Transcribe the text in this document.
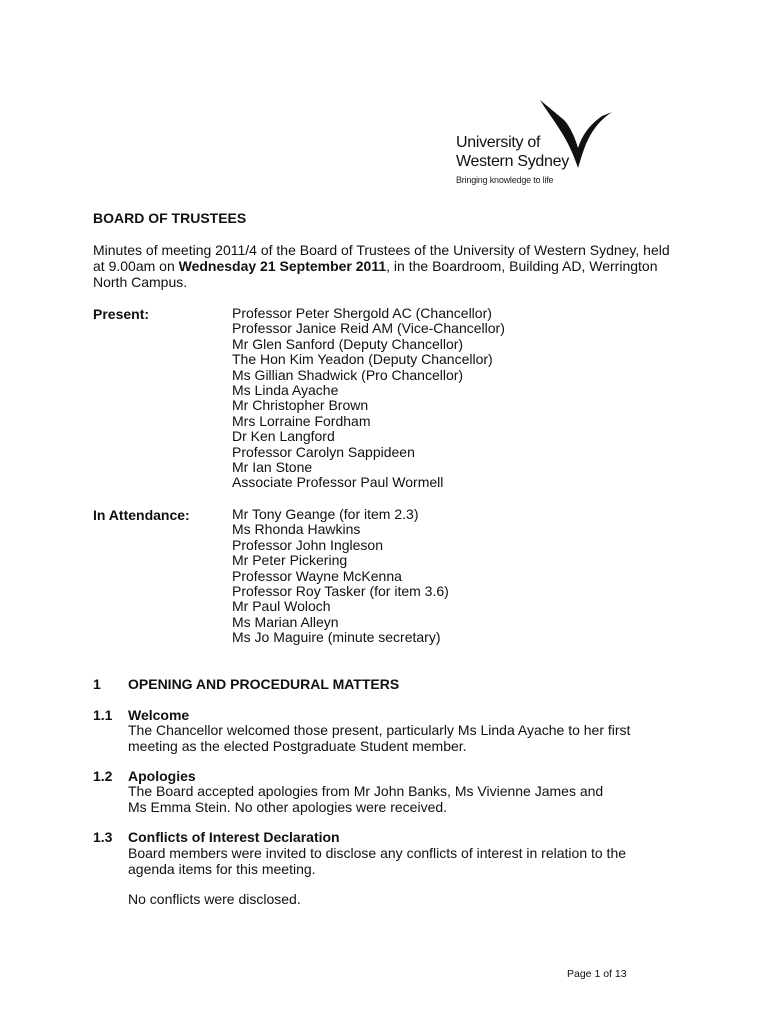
University of
Western Sydney
Bringing knowledge to life
BOARD OF TRUSTEES
Minutes of meeting 2011/4 of the Board of Trustees of the University of Western Sydney, held at 9.00am on Wednesday 21 September 2011, in the Boardroom, Building AD, Werrington North Campus.
Present:	Professor Peter Shergold AC (Chancellor)
Professor Janice Reid AM (Vice-Chancellor)
Mr Glen Sanford (Deputy Chancellor)
The Hon Kim Yeadon (Deputy Chancellor)
Ms Gillian Shadwick (Pro Chancellor)
Ms Linda Ayache
Mr Christopher Brown
Mrs Lorraine Fordham
Dr Ken Langford
Professor Carolyn Sappideen
Mr Ian Stone
Associate Professor Paul Wormell
In Attendance:	Mr Tony Geange (for item 2.3)
Ms Rhonda Hawkins
Professor John Ingleson
Mr Peter Pickering
Professor Wayne McKenna
Professor Roy Tasker (for item 3.6)
Mr Paul Woloch
Ms Marian Alleyn
Ms Jo Maguire (minute secretary)
1 OPENING AND PROCEDURAL MATTERS
1.1 Welcome
The Chancellor welcomed those present, particularly Ms Linda Ayache to her first meeting as the elected Postgraduate Student member.
1.2 Apologies
The Board accepted apologies from Mr John Banks, Ms Vivienne James and
Ms Emma Stein. No other apologies were received.
1.3 Conflicts of Interest Declaration
Board members were invited to disclose any conflicts of interest in relation to the agenda items for this meeting.
No conflicts were disclosed.
Page 1 of 13
